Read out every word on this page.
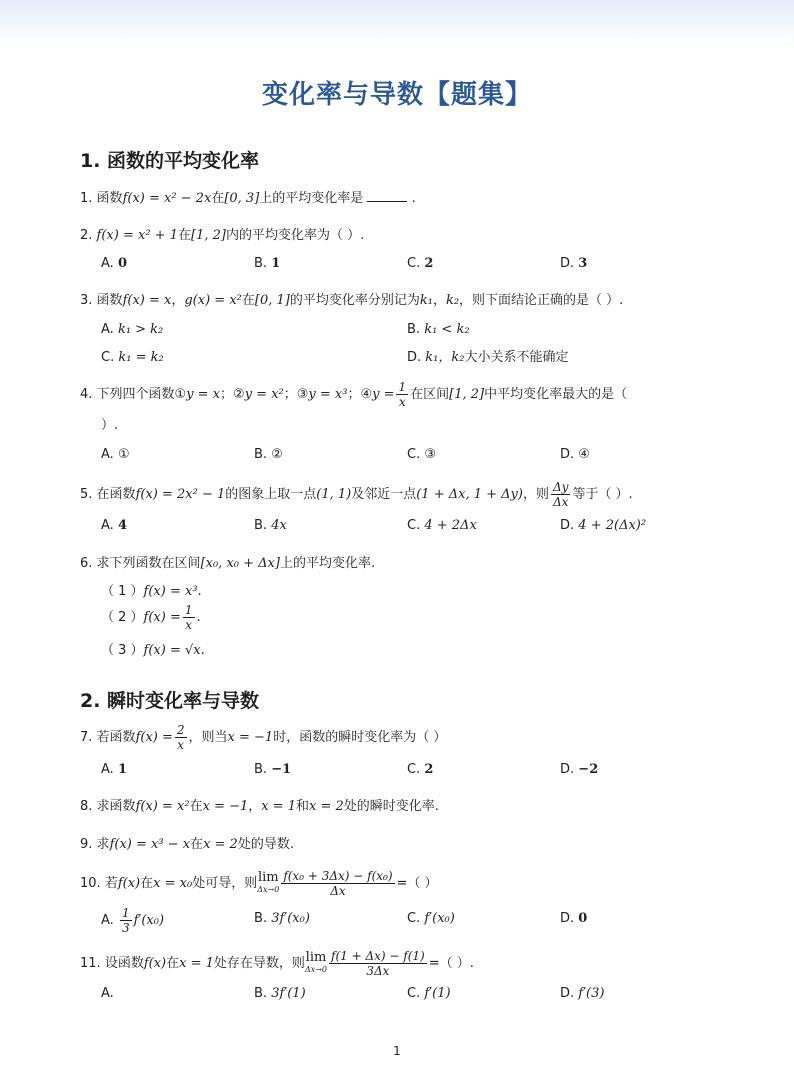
变化率与导数【题集】
1. 函数的平均变化率
1. 函数f(x) = x² − 2x在[0, 3]上的平均变化率是	.
2. f(x) = x² + 1在[1, 2]内的平均变化率为（ ）.
A. 0	B. 1	C. 2	D. 3
3. 函数f(x) = x，g(x) = x²在[0, 1]的平均变化率分别记为k₁，k₂，则下面结论正确的是（ ）.
A. k₁ > k₂	B. k₁ < k₂
C. k₁ = k₂	D. k₁，k₂大小关系不能确定
4. 下列四个函数①y = x；②y = x²；③y = x³；④y = $\frac{1}{x}$ 在区间[1, 2]中平均变化率最大的是（
）.
A. ①	B. ②	C. ③	D. ④
5. 在函数f(x) = 2x² − 1的图象上取一点(1, 1)及邻近一点(1 + Δx, 1 + Δy)，则 $\frac{\Delta y}{\Delta x}$ 等于（ ）.
A. 4	B. 4x	C. 4 + 2Δx	D. 4 + 2(Δx)²
6. 求下列函数在区间[x₀, x₀ + Δx]上的平均变化率.
（ 1 ）f(x) = x³.
（ 2 ）$f(x) = \frac{1}{x}$ .
（ 3 ）f(x) = √x.
2. 瞬时变化率与导数
7. 若函数$f(x) = \frac{2}{x}$ ，则当x = −1时，函数的瞬时变化率为（ ）
A. 1	B. −1	C. 2	D. −2
8. 求函数f(x) = x²在x = −1，x = 1和x = 2处的瞬时变化率.
9. 求f(x) = x³ − x在x = 2处的导数.
10. 若f(x)在x = x₀处可导，则 lim
$\Delta x\to 0 \frac{\text{f(x₀ + 3Δx) − f(x₀)}}{\Delta x}$ =（ ）
A. $\frac{1}{3} f'(x_0)$	B. 3f′(x₀)	C. f′(x₀)	D. 0
11. 设函数f(x)在x = 1处存在导数，则 lim
$\Delta x\to 0 \frac{f(1 + \Delta x) - f(1)}{3\Delta x}$ =（ ）.
A.	B. 3f′(1)	C. f′(1)	D. f′(3)
1
